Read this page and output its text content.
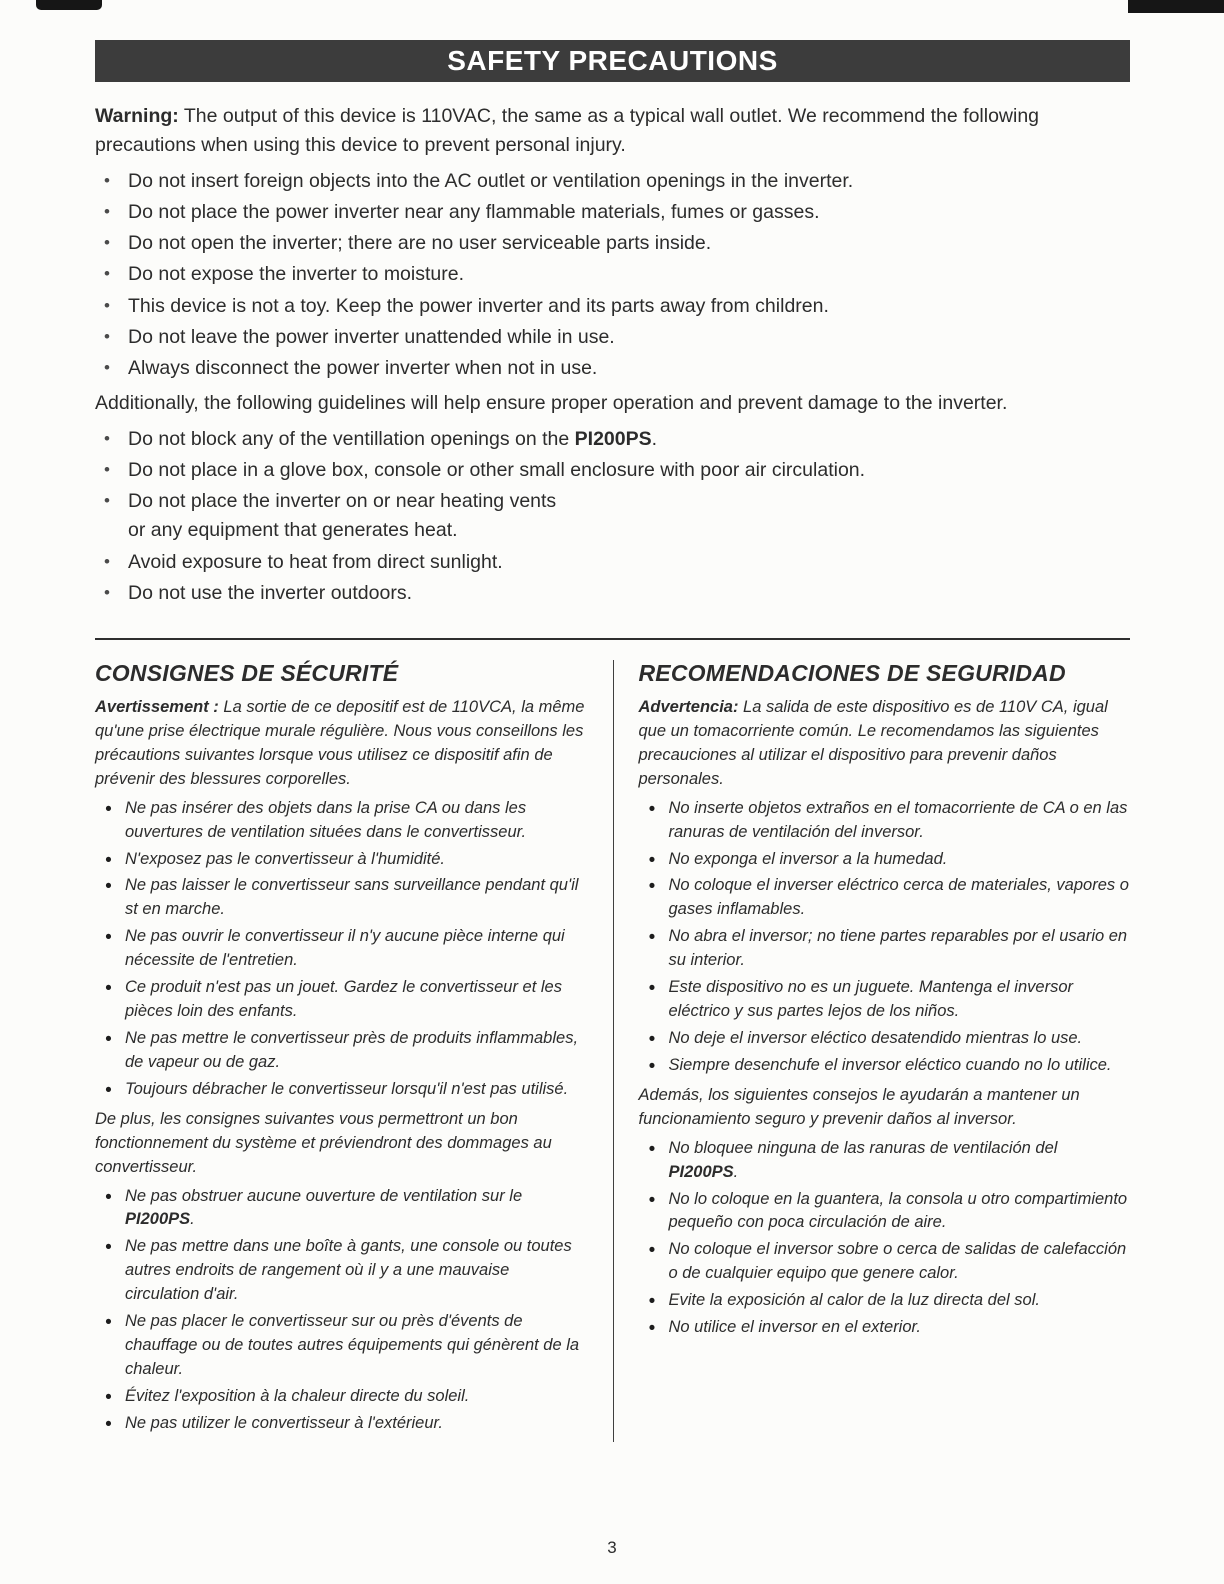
SAFETY PRECAUTIONS

Warning: The output of this device is 110VAC, the same as a typical wall outlet. We recommend the following precautions when using this device to prevent personal injury.

• Do not insert foreign objects into the AC outlet or ventilation openings in the inverter.
• Do not place the power inverter near any flammable materials, fumes or gasses.
• Do not open the inverter; there are no user serviceable parts inside.
• Do not expose the inverter to moisture.
• This device is not a toy. Keep the power inverter and its parts away from children.
• Do not leave the power inverter unattended while in use.
• Always disconnect the power inverter when not in use.

Additionally, the following guidelines will help ensure proper operation and prevent damage to the inverter.

• Do not block any of the ventillation openings on the PI200PS.
• Do not place in a glove box, console or other small enclosure with poor air circulation.
• Do not place the inverter on or near heating vents or any equipment that generates heat.
• Avoid exposure to heat from direct sunlight.
• Do not use the inverter outdoors.
CONSIGNES DE SÉCURITÉ

Avertissement : La sortie de ce depositif est de 110VCA, la même qu'une prise électrique murale régulière. Nous vous conseillons les précautions suivantes lorsque vous utilisez ce dispositif afin de prévenir des blessures corporelles.

• Ne pas insérer des objets dans la prise CA ou dans les ouvertures de ventilation situées dans le convertisseur.
• N'exposez pas le convertisseur à l'humidité.
• Ne pas laisser le convertisseur sans surveillance pendant qu'il st en marche.
• Ne pas ouvrir le convertisseur il n'y aucune pièce interne qui nécessite de l'entretien.
• Ce produit n'est pas un jouet. Gardez le convertisseur et les pièces loin des enfants.
• Ne pas mettre le convertisseur près de produits inflammables, de vapeur ou de gaz.
• Toujours débracher le convertisseur lorsqu'il n'est pas utilisé.

De plus, les consignes suivantes vous permettront un bon fonctionnement du système et préviendront des dommages au convertisseur.

• Ne pas obstruer aucune ouverture de ventilation sur le PI200PS.
• Ne pas mettre dans une boîte à gants, une console ou toutes autres endroits de rangement où il y a une mauvaise circulation d'air.
• Ne pas placer le convertisseur sur ou près d'évents de chauffage ou de toutes autres équipements qui génèrent de la chaleur.
• Évitez l'exposition à la chaleur directe du soleil.
• Ne pas utilizer le convertisseur à l'extérieur.
RECOMENDACIONES DE SEGURIDAD

Advertencia: La salida de este dispositivo es de 110V CA, igual que un tomacorriente común. Le recomendamos las siguientes precauciones al utilizar el dispositivo para prevenir daños personales.

• No inserte objetos extraños en el tomacorriente de CA o en las ranuras de ventilación del inversor.
• No exponga el inversor a la humedad.
• No coloque el inverser eléctrico cerca de materiales, vapores o gases inflamables.
• No abra el inversor; no tiene partes reparables por el usario en su interior.
• Este dispositivo no es un juguete. Mantenga el inversor eléctrico y sus partes lejos de los niños.
• No deje el inversor eléctico desatendido mientras lo use.
• Siempre desenchufe el inversor eléctico cuando no lo utilice.

Además, los siguientes consejos le ayudarán a mantener un funcionamiento seguro y prevenir daños al inversor.

• No bloquee ninguna de las ranuras de ventilación del PI200PS.
• No lo coloque en la guantera, la consola u otro compartimiento pequeño con poca circulación de aire.
• No coloque el inversor sobre o cerca de salidas de calefacción o de cualquier equipo que genere calor.
• Evite la exposición al calor de la luz directa del sol.
• No utilice el inversor en el exterior.
3
